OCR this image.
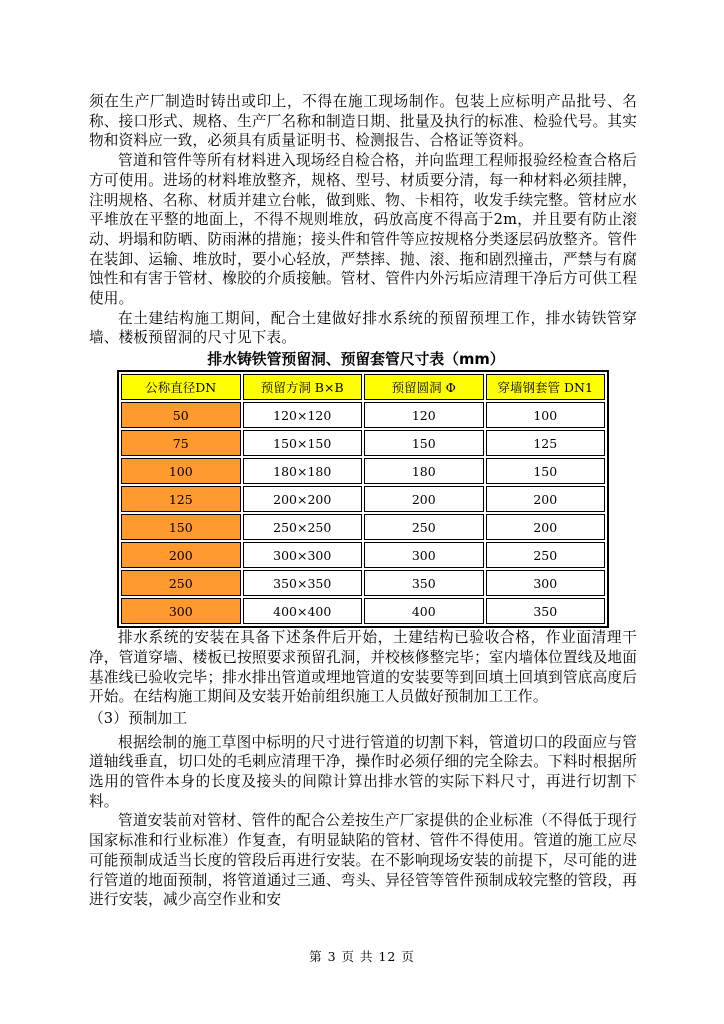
须在生产厂制造时铸出或印上，不得在施工现场制作。包装上应标明产品批号、名称、接口形式、规格、生产厂名称和制造日期、批量及执行的标准、检验代号。其实物和资料应一致，必须具有质量证明书、检测报告、合格证等资料。

管道和管件等所有材料进入现场经自检合格，并向监理工程师报验经检查合格后方可使用。进场的材料堆放整齐，规格、型号、材质要分清，每一种材料必须挂牌，注明规格、名称、材质并建立台帐，做到账、物、卡相符，收发手续完整。管材应水平堆放在平整的地面上，不得不规则堆放，码放高度不得高于2m，并且要有防止滚动、坍塌和防晒、防雨淋的措施；接头件和管件等应按规格分类逐层码放整齐。管件在装卸、运输、堆放时，要小心轻放，严禁摔、抛、滚、拖和剧烈撞击，严禁与有腐蚀性和有害于管材、橡胶的介质接触。管材、管件内外污垢应清理干净后方可供工程使用。

在土建结构施工期间，配合土建做好排水系统的预留预埋工作，排水铸铁管穿墙、楼板预留洞的尺寸见下表。

排水铸铁管预留洞、预留套管尺寸表（mm）
公称直径DN	预留方洞 B×B	预留圆洞 Φ	穿墙钢套管 DN1
50	120×120	120	100
75	150×150	150	125
100	180×180	180	150
125	200×200	200	200
150	250×250	250	200
200	300×300	300	250
250	350×350	350	300
300	400×400	400	350

排水系统的安装在具备下述条件后开始，土建结构已验收合格，作业面清理干净，管道穿墙、楼板已按照要求预留孔洞，并校核修整完毕；室内墙体位置线及地面基准线已验收完毕；排水排出管道或埋地管道的安装要等到回填土回填到管底高度后开始。在结构施工期间及安装开始前组织施工人员做好预制加工工作。

（3）预制加工

根据绘制的施工草图中标明的尺寸进行管道的切割下料，管道切口的段面应与管道轴线垂直，切口处的毛刺应清理干净，操作时必须仔细的完全除去。下料时根据所选用的管件本身的长度及接头的间隙计算出排水管的实际下料尺寸，再进行切割下料。

管道安装前对管材、管件的配合公差按生产厂家提供的企业标准（不得低于现行国家标准和行业标准）作复查，有明显缺陷的管材、管件不得使用。管道的施工应尽可能预制成适当长度的管段后再进行安装。在不影响现场安装的前提下，尽可能的进行管道的地面预制，将管道通过三通、弯头、异径管等管件预制成较完整的管段，再进行安装，减少高空作业和安

第 3 页 共 12 页
